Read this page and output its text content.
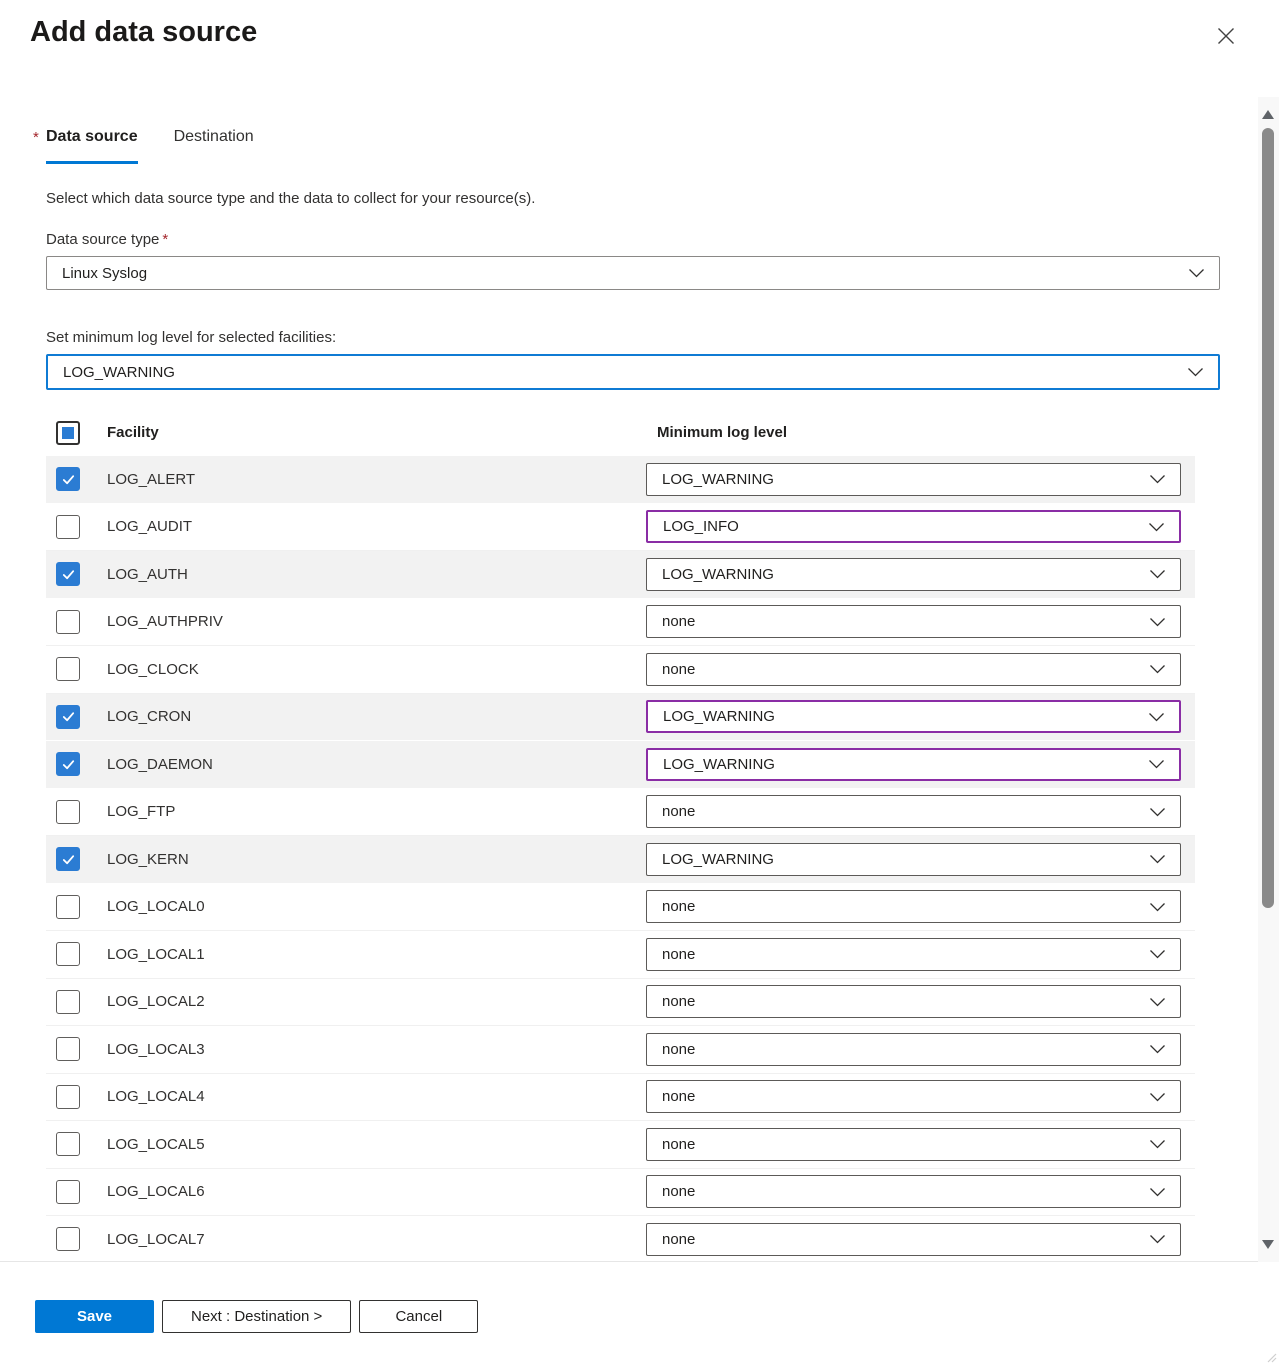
Add data source
* Data source Destination
Select which data source type and the data to collect for your resource(s).
Data source type *
Linux Syslog
Set minimum log level for selected facilities:
LOG_WARNING
Facility	Minimum log level
LOG_ALERT	LOG_WARNING
LOG_AUDIT	LOG_INFO
LOG_AUTH	LOG_WARNING
LOG_AUTHPRIV	none
LOG_CLOCK	none
LOG_CRON	LOG_WARNING
LOG_DAEMON	LOG_WARNING
LOG_FTP	none
LOG_KERN	LOG_WARNING
LOG_LOCAL0	none
LOG_LOCAL1	none
LOG_LOCAL2	none
LOG_LOCAL3	none
LOG_LOCAL4	none
LOG_LOCAL5	none
LOG_LOCAL6	none
LOG_LOCAL7	none
Save	Next : Destination >	Cancel
